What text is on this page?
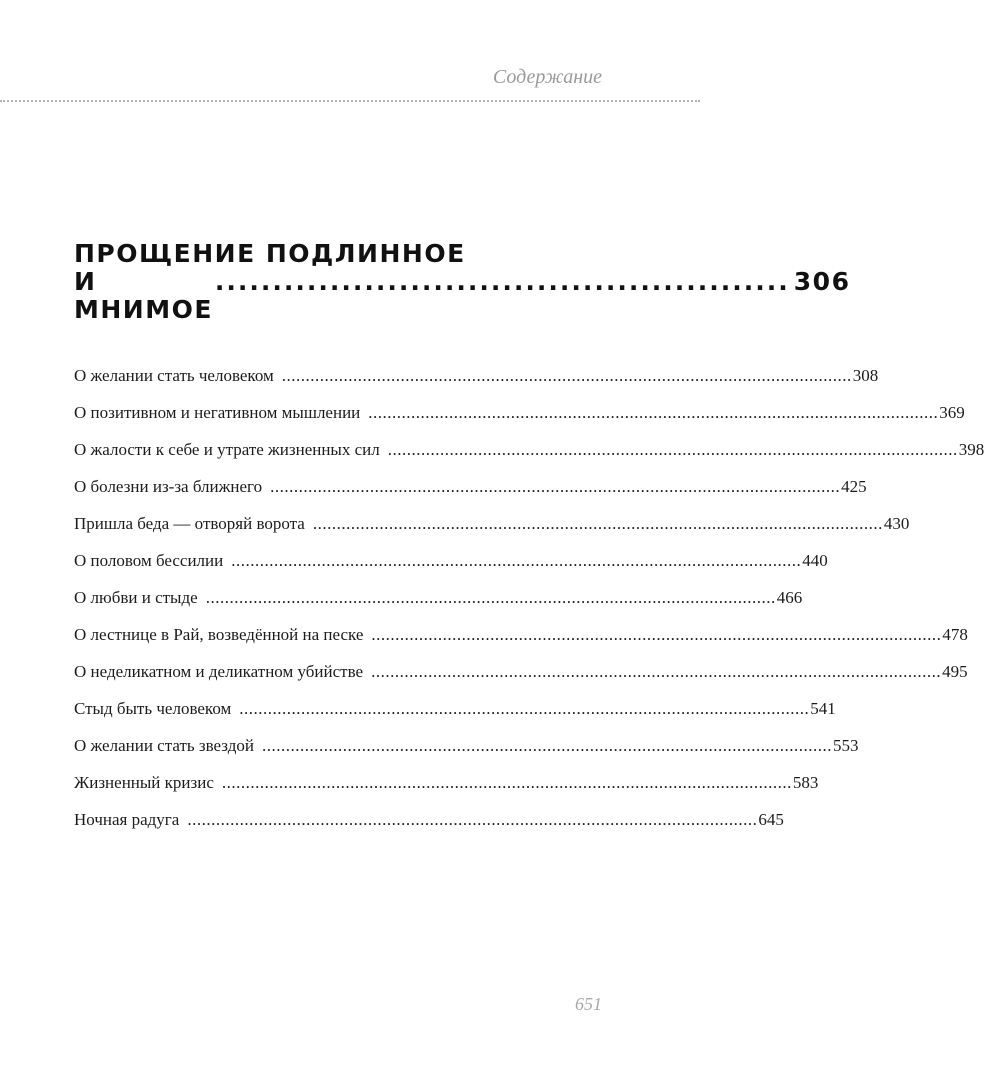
Содержание
ПРОЩЕНИЕ ПОДЛИННОЕ
И МНИМОЕ
.................................................. 306
О желании стать человеком ........................................................................................................................ 308
О позитивном и негативном мышлении ........................................................................................................................ 369
О жалости к себе и утрате жизненных сил ........................................................................................................................ 398
О болезни из-за ближнего ........................................................................................................................ 425
Пришла беда — отворяй ворота ........................................................................................................................ 430
О половом бессилии ........................................................................................................................ 440
О любви и стыде ........................................................................................................................ 466
О лестнице в Рай, возведённой на песке ........................................................................................................................ 478
О неделикатном и деликатном убийстве ........................................................................................................................ 495
Стыд быть человеком ........................................................................................................................ 541
О желании стать звездой ........................................................................................................................ 553
Жизненный кризис ........................................................................................................................ 583
Ночная радуга ........................................................................................................................ 645
651
